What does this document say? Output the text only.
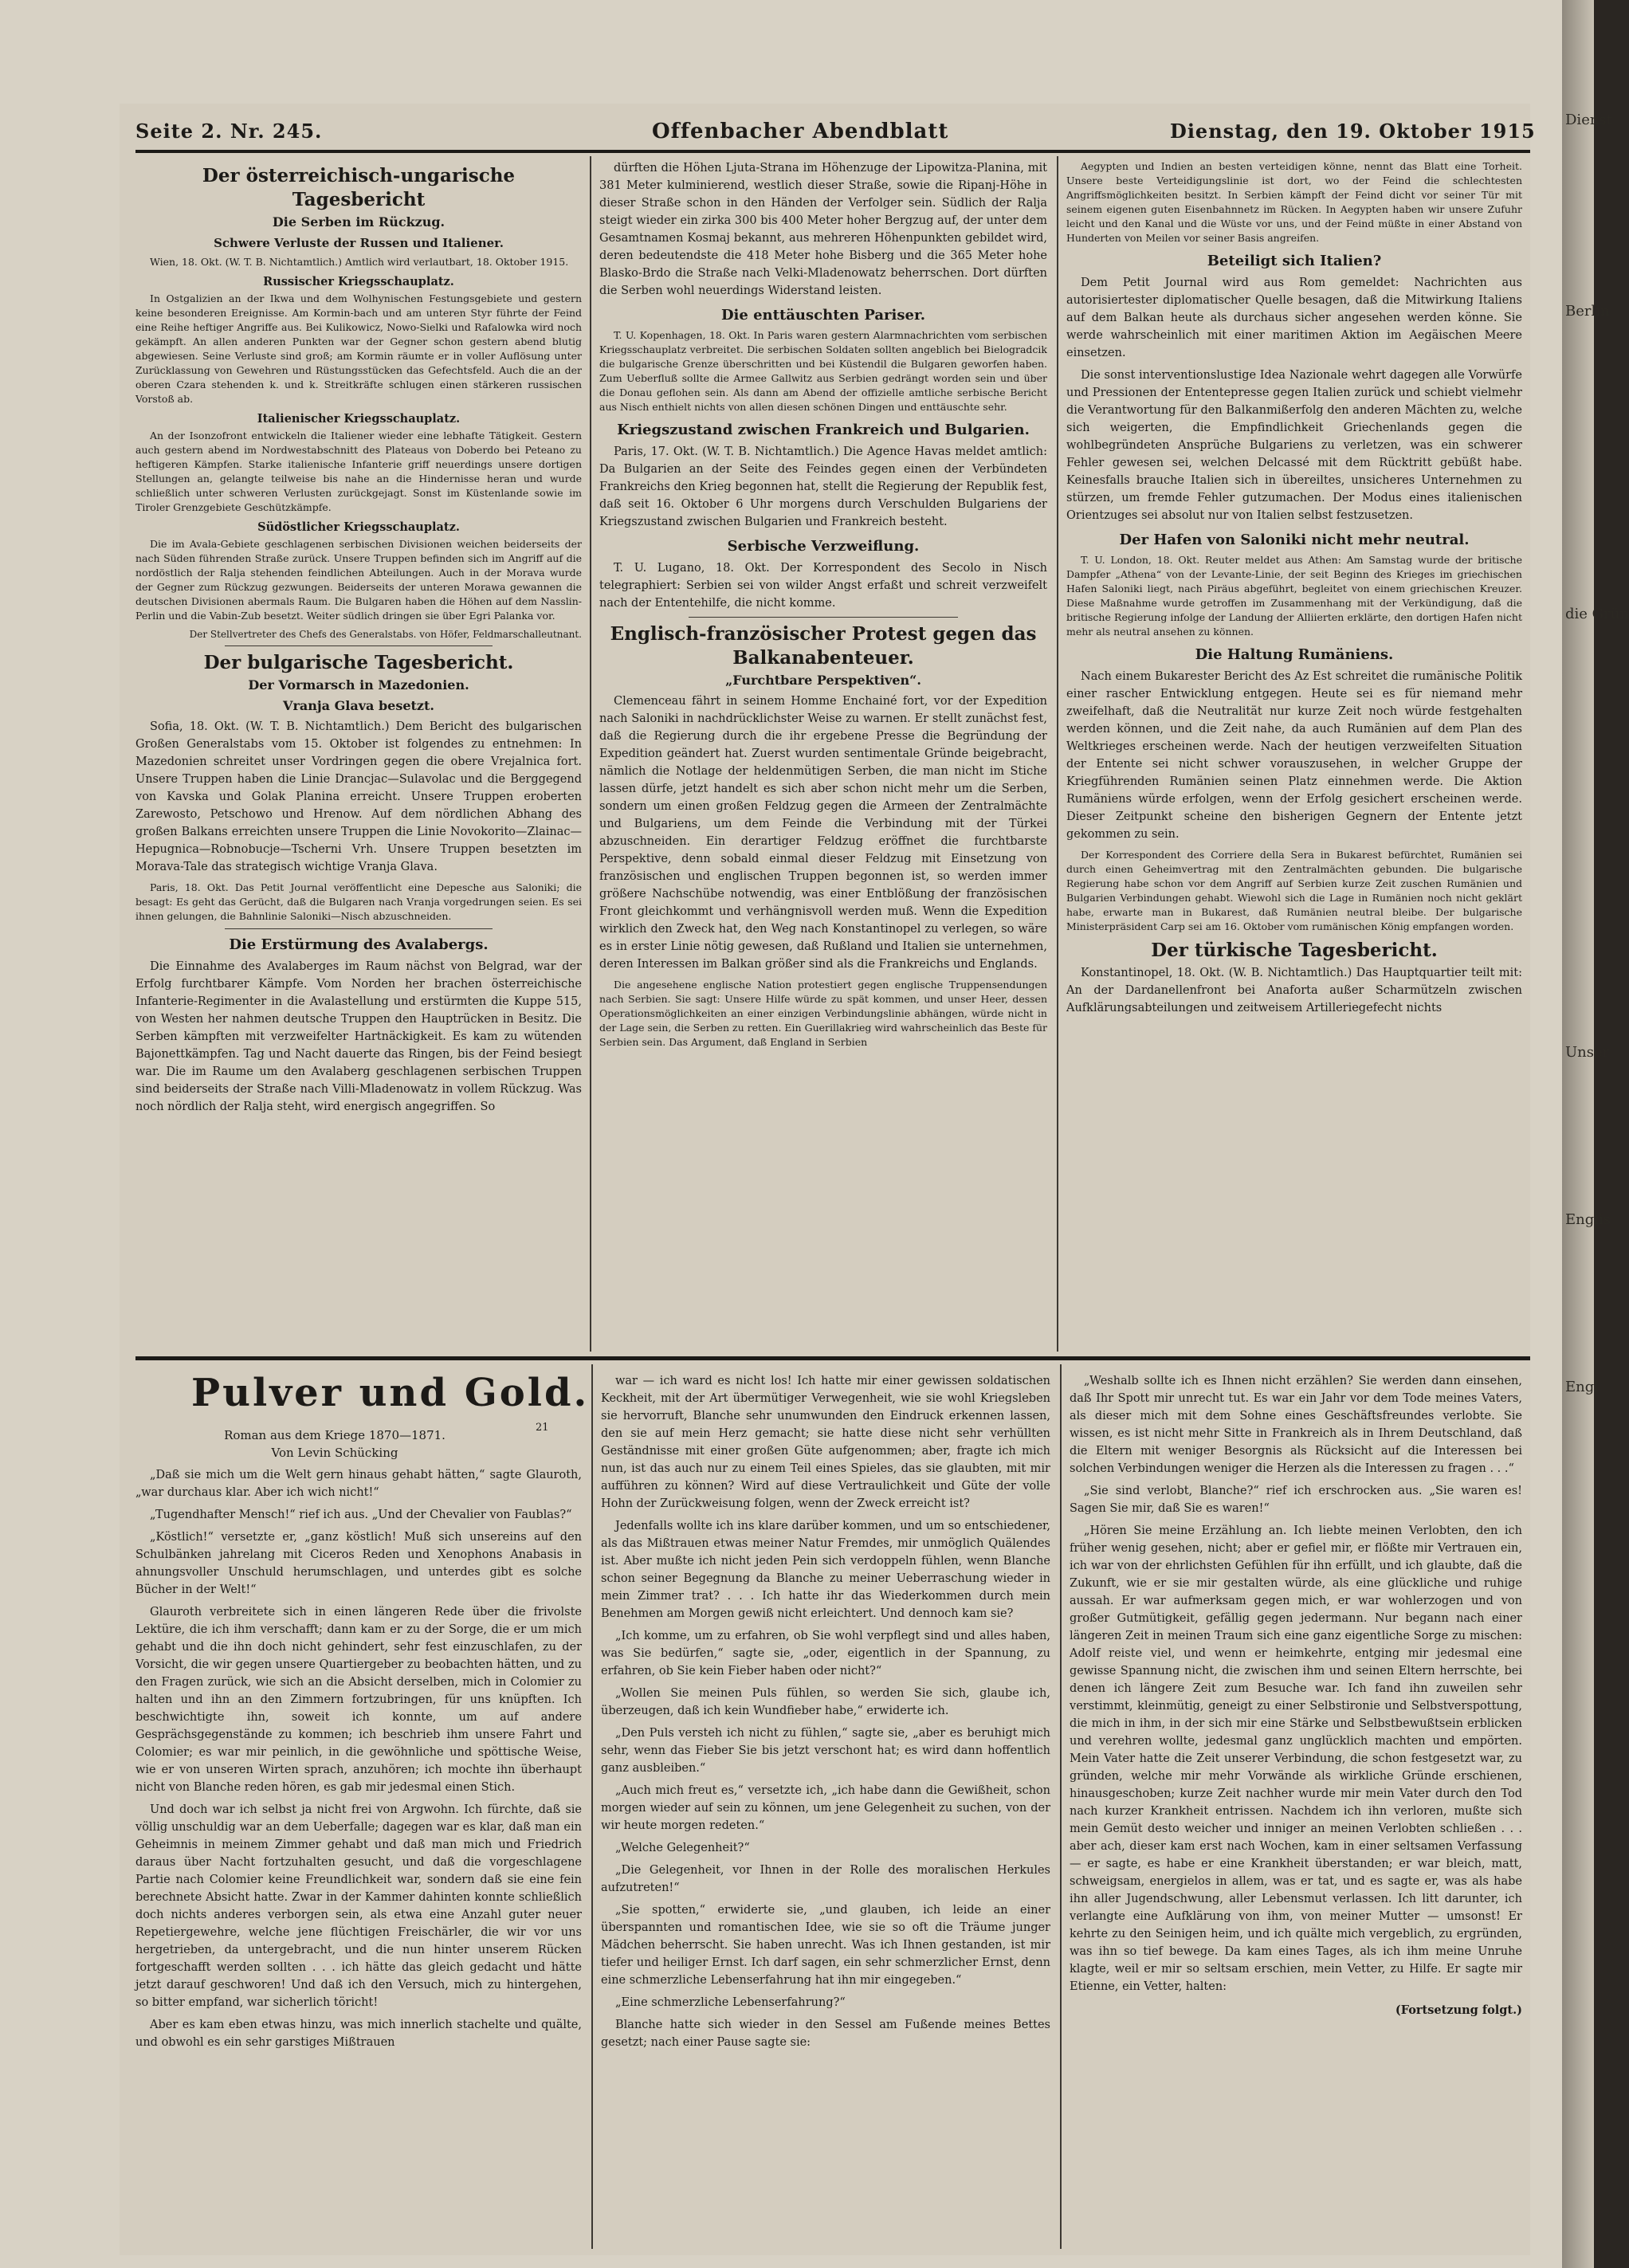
Seite 2. Nr. 245.	Offenbacher Abendblatt	Dienstag, den 19. Oktober 1915
Der österreichisch-ungarische Tagesbericht
Die Serben im Rückzug.
Schwere Verluste der Russen und Italiener.

Wien, 18. Okt. (W. T. B. Nichtamtlich.) Amtlich wird verlautbart, 18. Oktober 1915.

Russischer Kriegsschauplatz.

In Ostgalizien an der Ikwa und dem Wolhynischen Festungsgebiete und gestern keine besonderen Ereignisse. Am Kormin-bach und am unteren Styr führte der Feind eine Reihe heftiger Angriffe aus. Bei Kulikowicz, Nowo-Sielki und Rafalowka wird noch gekämpft. An allen anderen Punkten war der Gegner schon gestern abend blutig abgewiesen. Seine Verluste sind groß; am Kormin räumte er in voller Auflösung unter Zurücklassung von Gewehren und Rüstungsstücken das Gefechtsfeld. Auch die an der oberen Czara stehenden k. und k. Streitkräfte schlugen einen stärkeren russischen Vorstoß ab.

Italienischer Kriegsschauplatz.

An der Isonzofront entwickeln die Italiener wieder eine lebhafte Tätigkeit. Gestern auch gestern abend im Nordwestabschnitt des Plateaus von Doberdo bei Peteano zu heftigeren Kämpfen. Starke italienische Infanterie griff neuerdings unsere dortigen Stellungen an, gelangte teilweise bis nahe an die Hindernisse heran und wurde schließlich unter schweren Verlusten zurückgejagt. Sonst im Küstenlande sowie im Tiroler Grenzgebiete Geschützkämpfe.

Südöstlicher Kriegsschauplatz.

Die im Avala-Gebiete geschlagenen serbischen Divisionen weichen beiderseits der nach Süden führenden Straße zurück. Unsere Truppen befinden sich im Angriff auf die nordöstlich der Ralja stehenden feindlichen Abteilungen. Auch in der Morava wurde der Gegner zum Rückzug gezwungen. Beiderseits der unteren Morawa gewannen die deutschen Divisionen abermals Raum. Die Bulgaren haben die Höhen auf dem Nasslin-Perlin und die Vabin-Zub besetzt. Weiter südlich dringen sie über Egri Palanka vor.

Der Stellvertreter des Chefs des Generalstabs. von Höfer, Feldmarschalleutnant.
Der bulgarische Tagesbericht.
Der Vormarsch in Mazedonien.
Vranja Glava besetzt.

Sofia, 18. Okt. (W. T. B. Nichtamtlich.) Dem Bericht des bulgarischen Großen Generalstabs vom 15. Oktober ist folgendes zu entnehmen: In Mazedonien schreitet unser Vordringen gegen die obere Vrejalnica fort. Unsere Truppen haben die Linie Drancjac—Sulavolac und die Berggegend von Kavska und Golak Planina erreicht. Unsere Truppen eroberten Zarewosto, Petschowo und Hrenow. Auf dem nördlichen Abhang des großen Balkans erreichten unsere Truppen die Linie Novokorito—Zlainac—Hepugnica—Robnobucje—Tscherni Vrh. Unsere Truppen besetzten im Morava-Tale das strategisch wichtige Vranja Glava.

Paris, 18. Okt. Das Petit Journal veröffentlicht eine Depesche aus Saloniki; die besagt: Es geht das Gerücht, daß die Bulgaren nach Vranja vorgedrungen seien. Es sei ihnen gelungen, die Bahnlinie Saloniki—Nisch abzuschneiden.

Die Erstürmung des Avalabergs.

Die Einnahme des Avalaberges im Raum nächst von Belgrad, war der Erfolg furchtbarer Kämpfe. Vom Norden her brachen österreichische Infanterie-Regimenter in die Avalastellung und erstürmten die Kuppe 515, von Westen her nahmen deutsche Truppen den Hauptrücken in Besitz. Die Serben kämpften mit verzweifelter Hartnäckigkeit. Es kam zu wütenden Bajonettkämpfen. Tag und Nacht dauerte das Ringen, bis der Feind besiegt war. Die im Raume um den Avalaberg geschlagenen serbischen Truppen sind beiderseits der Straße nach Villi-Mladenowatz in vollem Rückzug. Was noch nördlich der Ralja steht, wird energisch angegriffen. So

dürften die Höhen Ljuta-Strana im Höhenzuge der Lipowitza-Planina, mit 381 Meter kulminierend, westlich dieser Straße, sowie die Ripanj-Höhe in dieser Straße schon in den Händen der Verfolger sein. Südlich der Ralja steigt wieder ein zirka 300 bis 400 Meter hoher Bergzug auf, der unter dem Gesamtnamen Kosmaj bekannt, aus mehreren Höhenpunkten gebildet wird, deren bedeutendste die 418 Meter hohe Bisberg und die 365 Meter hohe Blasko-Brdo die Straße nach Velki-Mladenowatz beherrschen. Dort dürften die Serben wohl neuerdings Widerstand leisten.

Die enttäuschten Pariser.

T. U. Kopenhagen, 18. Okt. In Paris waren gestern Alarmnachrichten vom serbischen Kriegsschauplatz verbreitet. Die serbischen Soldaten sollten angeblich bei Bielogradcik die bulgarische Grenze überschritten und bei Küstendil die Bulgaren geworfen haben. Zum Ueberfluß sollte die Armee Gallwitz aus Serbien gedrängt worden sein und über die Donau geflohen sein. Als dann am Abend der offizielle amtliche serbische Bericht aus Nisch enthielt nichts von allen diesen schönen Dingen und enttäuschte sehr.

Kriegszustand zwischen Frankreich und Bulgarien.

Paris, 17. Okt. (W. T. B. Nichtamtlich.) Die Agence Havas meldet amtlich: Da Bulgarien an der Seite des Feindes gegen einen der Verbündeten Frankreichs den Krieg begonnen hat, stellt die Regierung der Republik fest, daß seit 16. Oktober 6 Uhr morgens durch Verschulden Bulgariens der Kriegszustand zwischen Bulgarien und Frankreich besteht.

Serbische Verzweiflung.

T. U. Lugano, 18. Okt. Der Korrespondent des Secolo in Nisch telegraphiert: Serbien sei von wilder Angst erfaßt und schreit verzweifelt nach der Ententehilfe, die nicht komme.

Englisch-französischer Protest gegen das Balkanabenteuer.
„Furchtbare Perspektiven“.

Clemenceau fährt in seinem Homme Enchainé fort, vor der Expedition nach Saloniki in nachdrücklichster Weise zu warnen. Er stellt zunächst fest, daß die Regierung durch die ihr ergebene Presse die Begründung der Expedition geändert hat. Zuerst wurden sentimentale Gründe beigebracht, nämlich die Notlage der heldenmütigen Serben, die man nicht im Stiche lassen dürfe, jetzt handelt es sich aber schon nicht mehr um die Serben, sondern um einen großen Feldzug gegen die Armeen der Zentralmächte und Bulgariens, um dem Feinde die Verbindung mit der Türkei abzuschneiden. Ein derartiger Feldzug eröffnet die furchtbarste Perspektive, denn sobald einmal dieser Feldzug mit Einsetzung von französischen und englischen Truppen begonnen ist, so werden immer größere Nachschübe notwendig, was einer Entblößung der französischen Front gleichkommt und verhängnisvoll werden muß. Wenn die Expedition wirklich den Zweck hat, den Weg nach Konstantinopel zu verlegen, so wäre es in erster Linie nötig gewesen, daß Rußland und Italien sie unternehmen, deren Interessen im Balkan größer sind als die Frankreichs und Englands.

Die angesehene englische Nation protestiert gegen englische Truppensendungen nach Serbien. Sie sagt: Unsere Hilfe würde zu spät kommen, und unser Heer, dessen Operationsmöglichkeiten an einer einzigen Verbindungslinie abhängen, würde nicht in der Lage sein, die Serben zu retten. Ein Guerillakrieg wird wahrscheinlich das Beste für Serbien sein. Das Argument, daß England in Serbien

Aegypten und Indien an besten verteidigen könne, nennt das Blatt eine Torheit. Unsere beste Verteidigungslinie ist dort, wo der Feind die schlechtesten Angriffsmöglichkeiten besitzt. In Serbien kämpft der Feind dicht vor seiner Tür mit seinem eigenen guten Eisenbahnnetz im Rücken. In Aegypten haben wir unsere Zufuhr leicht und den Kanal und die Wüste vor uns, und der Feind müßte in einer Abstand von Hunderten von Meilen vor seiner Basis angreifen.

Beteiligt sich Italien?

Dem Petit Journal wird aus Rom gemeldet: Nachrichten aus autorisiertester diplomatischer Quelle besagen, daß die Mitwirkung Italiens auf dem Balkan heute als durchaus sicher angesehen werden könne. Sie werde wahrscheinlich mit einer maritimen Aktion im Aegäischen Meere einsetzen.

Die sonst interventionslustige Idea Nazionale wehrt dagegen alle Vorwürfe und Pressionen der Ententepresse gegen Italien zurück und schiebt vielmehr die Verantwortung für den Balkanmißerfolg den anderen Mächten zu, welche sich weigerten, die Empfindlichkeit Griechenlands gegen die wohlbegründeten Ansprüche Bulgariens zu verletzen, was ein schwerer Fehler gewesen sei, welchen Delcassé mit dem Rücktritt gebüßt habe. Keinesfalls brauche Italien sich in übereiltes, unsicheres Unternehmen zu stürzen, um fremde Fehler gutzumachen. Der Modus eines italienischen Orientzuges sei absolut nur von Italien selbst festzusetzen.

Der Hafen von Saloniki nicht mehr neutral.

T. U. London, 18. Okt. Reuter meldet aus Athen: Am Samstag wurde der britische Dampfer „Athena“ von der Levante-Linie, der seit Beginn des Krieges im griechischen Hafen Saloniki liegt, nach Piräus abgeführt, begleitet von einem griechischen Kreuzer. Diese Maßnahme wurde getroffen im Zusammenhang mit der Verkündigung, daß die britische Regierung infolge der Landung der Alliierten erklärte, den dortigen Hafen nicht mehr als neutral ansehen zu können.

Die Haltung Rumäniens.

Nach einem Bukarester Bericht des Az Est schreitet die rumänische Politik einer rascher Entwicklung entgegen. Heute sei es für niemand mehr zweifelhaft, daß die Neutralität nur kurze Zeit noch würde festgehalten werden können, und die Zeit nahe, da auch Rumänien auf dem Plan des Weltkrieges erscheinen werde. Nach der heutigen verzweifelten Situation der Entente sei nicht schwer vorauszusehen, in welcher Gruppe der Kriegführenden Rumänien seinen Platz einnehmen werde. Die Aktion Rumäniens würde erfolgen, wenn der Erfolg gesichert erscheinen werde. Dieser Zeitpunkt scheine den bisherigen Gegnern der Entente jetzt gekommen zu sein.

Der Korrespondent des Corriere della Sera in Bukarest befürchtet, Rumänien sei durch einen Geheimvertrag mit den Zentralmächten gebunden. Die bulgarische Regierung habe schon vor dem Angriff auf Serbien kurze Zeit zuschen Rumänien und Bulgarien Verbindungen gehabt. Wiewohl sich die Lage in Rumänien noch nicht geklärt habe, erwarte man in Bukarest, daß Rumänien neutral bleibe. Der bulgarische Ministerpräsident Carp sei am 16. Oktober vom rumänischen König empfangen worden.

Der türkische Tagesbericht.

Konstantinopel, 18. Okt. (W. B. Nichtamtlich.) Das Hauptquartier teilt mit: An der Dardanellenfront bei Anaforta außer Scharmützeln zwischen Aufklärungsabteilungen und zeitweisem Artilleriegefecht nichts

Pulver und Gold.
Roman aus dem Kriege 1870—1871.
Von Levin Schücking
21

„Daß sie mich um die Welt gern hinaus gehabt hätten,“ sagte Glauroth, „war durchaus klar. Aber ich wich nicht!“

„Tugendhafter Mensch!“ rief ich aus. „Und der Chevalier von Faublas?“

„Köstlich!“ versetzte er, „ganz köstlich! Muß sich unsereins auf den Schulbänken jahrelang mit Ciceros Reden und Xenophons Anabasis in ahnungsvoller Unschuld herumschlagen, und unterdes gibt es solche Bücher in der Welt!“

Glauroth verbreitete sich in einen längeren Rede über die frivolste Lektüre, die ich ihm verschafft; dann kam er zu der Sorge, die er um mich gehabt und die ihn doch nicht gehindert, sehr fest einzuschlafen, zu der Vorsicht, die wir gegen unsere Quartiergeber zu beobachten hätten, und zu den Fragen zurück, wie sich an die Absicht derselben, mich in Colomier zu halten und ihn an den Zimmern fortzubringen, für uns knüpften. Ich beschwichtigte ihn, soweit ich konnte, um auf andere Gesprächsgegenstände zu kommen; ich beschrieb ihm unsere Fahrt und Colomier; es war mir peinlich, in die gewöhnliche und spöttische Weise, wie er von unseren Wirten sprach, anzuhören; ich mochte ihn überhaupt nicht von Blanche reden hören, es gab mir jedesmal einen Stich.

Und doch war ich selbst ja nicht frei von Argwohn. Ich fürchte, daß sie völlig unschuldig war an dem Ueberfalle; dagegen war es klar, daß man ein Geheimnis in meinem Zimmer gehabt und daß man mich und Friedrich daraus über Nacht fortzuhalten gesucht, und daß die vorgeschlagene Partie nach Colomier keine Freundlichkeit war, sondern daß sie eine fein berechnete Absicht hatte. Zwar in der Kammer dahinten konnte schließlich doch nichts anderes verborgen sein, als etwa eine Anzahl guter neuer Repetiergewehre, welche jene flüchtigen Freischärler, die wir vor uns hergetrieben, da untergebracht, und die nun hinter unserem Rücken fortgeschafft werden sollten . . . ich hätte das gleich gedacht und hätte jetzt darauf geschworen! Und daß ich den Versuch, mich zu hintergehen, so bitter empfand, war sicherlich töricht!

Aber es kam eben etwas hinzu, was mich innerlich stachelte und quälte, und obwohl es ein sehr garstiges Mißtrauen

war — ich ward es nicht los! Ich hatte mir einer gewissen soldatischen Keckheit, mit der Art übermütiger Verwegenheit, wie sie wohl Kriegsleben sie hervorruft, Blanche sehr unumwunden den Eindruck erkennen lassen, den sie auf mein Herz gemacht; sie hatte diese nicht sehr verhüllten Geständnisse mit einer großen Güte aufgenommen; aber, fragte ich mich nun, ist das auch nur zu einem Teil eines Spieles, das sie glaubten, mit mir aufführen zu können? Wird auf diese Vertraulichkeit und Güte der volle Hohn der Zurückweisung folgen, wenn der Zweck erreicht ist?

Jedenfalls wollte ich ins klare darüber kommen, und um so entschiedener, als das Mißtrauen etwas meiner Natur Fremdes, mir unmöglich Quälendes ist. Aber mußte ich nicht jeden Pein sich verdoppeln fühlen, wenn Blanche schon seiner Begegnung da Blanche zu meiner Ueberraschung wieder in mein Zimmer trat? . . . Ich hatte ihr das Wiederkommen durch mein Benehmen am Morgen gewiß nicht erleichtert. Und dennoch kam sie?

„Ich komme, um zu erfahren, ob Sie wohl verpflegt sind und alles haben, was Sie bedürfen,“ sagte sie, „oder, eigentlich in der Spannung, zu erfahren, ob Sie kein Fieber haben oder nicht?“

„Wollen Sie meinen Puls fühlen, so werden Sie sich, glaube ich, überzeugen, daß ich kein Wundfieber habe,“ erwiderte ich.

„Den Puls versteh ich nicht zu fühlen,“ sagte sie, „aber es beruhigt mich sehr, wenn das Fieber Sie bis jetzt verschont hat; es wird dann hoffentlich ganz ausbleiben.“

„Auch mich freut es,“ versetzte ich, „ich habe dann die Gewißheit, schon morgen wieder auf sein zu können, um jene Gelegenheit zu suchen, von der wir heute morgen redeten.“

„Welche Gelegenheit?“

„Die Gelegenheit, vor Ihnen in der Rolle des moralischen Herkules aufzutreten!“

„Sie spotten,“ erwiderte sie, „und glauben, ich leide an einer überspannten und romantischen Idee, wie sie so oft die Träume junger Mädchen beherrscht. Sie haben unrecht. Was ich Ihnen gestanden, ist mir tiefer und heiliger Ernst. Ich darf sagen, ein sehr schmerzlicher Ernst, denn eine schmerzliche Lebenserfahrung hat ihn mir eingegeben.“

„Eine schmerzliche Lebenserfahrung?“

Blanche hatte sich wieder in den Sessel am Fußende meines Bettes gesetzt; nach einer Pause sagte sie:

„Weshalb sollte ich es Ihnen nicht erzählen? Sie werden dann einsehen, daß Ihr Spott mir unrecht tut. Es war ein Jahr vor dem Tode meines Vaters, als dieser mich mit dem Sohne eines Geschäftsfreundes verlobte. Sie wissen, es ist nicht mehr Sitte in Frankreich als in Ihrem Deutschland, daß die Eltern mit weniger Besorgnis als Rücksicht auf die Interessen bei solchen Verbindungen weniger die Herzen als die Interessen zu fragen . . .“

„Sie sind verlobt, Blanche?“ rief ich erschrocken aus. „Sie waren es! Sagen Sie mir, daß Sie es waren!“

„Hören Sie meine Erzählung an. Ich liebte meinen Verlobten, den ich früher wenig gesehen, nicht; aber er gefiel mir, er flößte mir Vertrauen ein, ich war von der ehrlichsten Gefühlen für ihn erfüllt, und ich glaubte, daß die Zukunft, wie er sie mir gestalten würde, als eine glückliche und ruhige aussah. Er war aufmerksam gegen mich, er war wohlerzogen und von großer Gutmütigkeit, gefällig gegen jedermann. Nur begann nach einer längeren Zeit in meinen Traum sich eine ganz eigentliche Sorge zu mischen: Adolf reiste viel, und wenn er heimkehrte, entging mir jedesmal eine gewisse Spannung nicht, die zwischen ihm und seinen Eltern herrschte, bei denen ich längere Zeit zum Besuche war. Ich fand ihn zuweilen sehr verstimmt, kleinmütig, geneigt zu einer Selbstironie und Selbstverspottung, die mich in ihm, in der sich mir eine Stärke und Selbstbewußtsein erblicken und verehren wollte, jedesmal ganz unglücklich machten und empörten. Mein Vater hatte die Zeit unserer Verbindung, die schon festgesetzt war, zu gründen, welche mir mehr Vorwände als wirkliche Gründe erschienen, hinausgeschoben; kurze Zeit nachher wurde mir mein Vater durch den Tod nach kurzer Krankheit entrissen. Nachdem ich ihn verloren, mußte sich mein Gemüt desto weicher und inniger an meinen Verlobten schließen . . . aber ach, dieser kam erst nach Wochen, kam in einer seltsamen Verfassung — er sagte, es habe er eine Krankheit überstanden; er war bleich, matt, schweigsam, energielos in allem, was er tat, und es sagte er, was als habe ihn aller Jugendschwung, aller Lebensmut verlassen. Ich litt darunter, ich verlangte eine Aufklärung von ihm, von meiner Mutter — umsonst! Er kehrte zu den Seinigen heim, und ich quälte mich vergeblich, zu ergründen, was ihn so tief bewege. Da kam eines Tages, als ich ihm meine Unruhe klagte, weil er mir so seltsam erschien, mein Vetter, zu Hilfe. Er sagte mir Etienne, ein Vetter, halten:

(Fortsetzung folgt.)
Dienst
Berlin
die Grün
Unser
Englis
Engl
